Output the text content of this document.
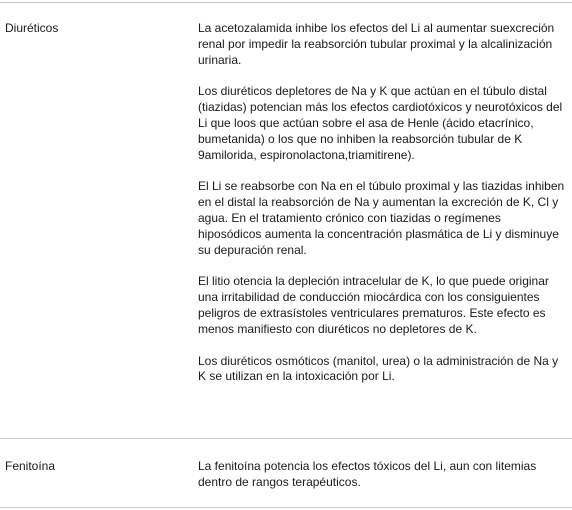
Diuréticos	La acetozalamida inhibe los efectos del Li al aumentar suexcreción renal por impedir la reabsorción tubular proximal y la alcalinización urinaria.

Los diuréticos depletores de Na y K que actúan en el túbulo distal (tiazidas) potencian más los efectos cardiotóxicos y neurotóxicos del Li que loos que actúan sobre el asa de Henle (ácido etacrínico, bumetanida) o los que no inhiben la reabsorción tubular de K 9amilorida, espironolactona,triamitirene).

El Li se reabsorbe con Na en el túbulo proximal y las tiazidas inhiben en el distal la reabsorción de Na y aumentan la excreción de K, Cl y agua. En el tratamiento crónico con tiazidas o regímenes hiposódicos aumenta la concentración plasmática de Li y disminuye su depuración renal.

El litio otencia la depleción intracelular de K, lo que puede originar una irritabilidad de conducción miocárdica con los consiguientes peligros de extrasístoles ventriculares prematuros. Este efecto es menos manifiesto con diuréticos no depletores de K.

Los diuréticos osmóticos (manitol, urea) o la administración de Na y K se utilizan en la intoxicación por Li.

Fenitoína	La fenitoína potencia los efectos tóxicos del Li, aun con litemias dentro de rangos terapéuticos.
